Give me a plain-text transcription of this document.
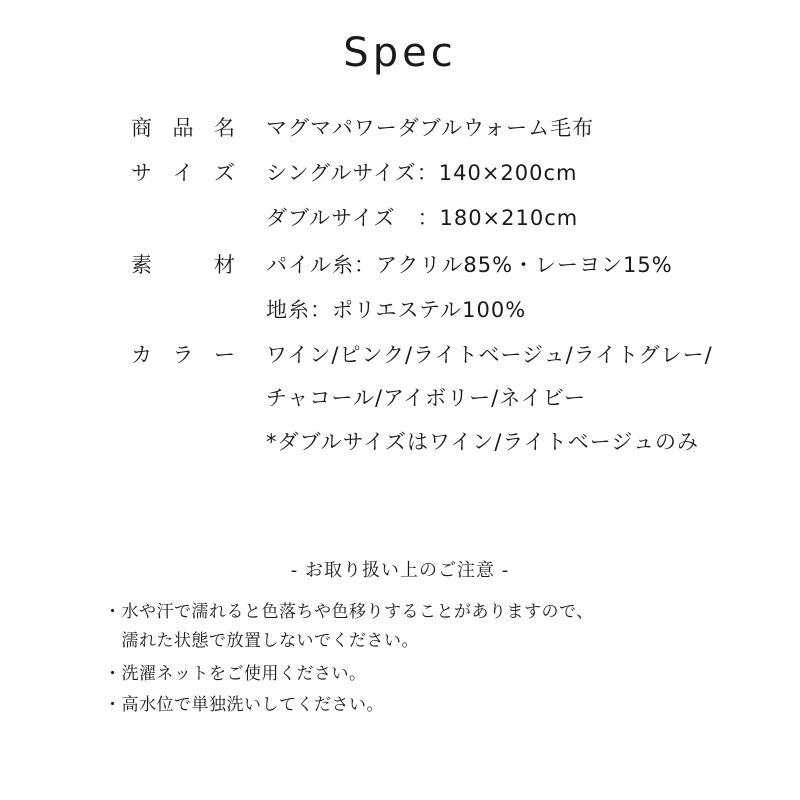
Spec
商 品 名 マグマパワーダブルウォーム毛布
サ イ ズ シングルサイズ：140×200cm
ダブルサイズ　：180×210cm
素	材 パイル糸：アクリル85%・レーヨン15%
地糸：ポリエステル100%
カ ラ ー ワイン/ピンク/ライトベージュ/ライトグレー/
チャコール/アイボリー/ネイビー
*ダブルサイズはワイン/ライトベージュのみ
- お取り扱い上のご注意 -
・水や汗で濡れると色落ちや色移りすることがありますので、
　濡れた状態で放置しないでください。
・洗濯ネットをご使用ください。
・高水位で単独洗いしてください。
